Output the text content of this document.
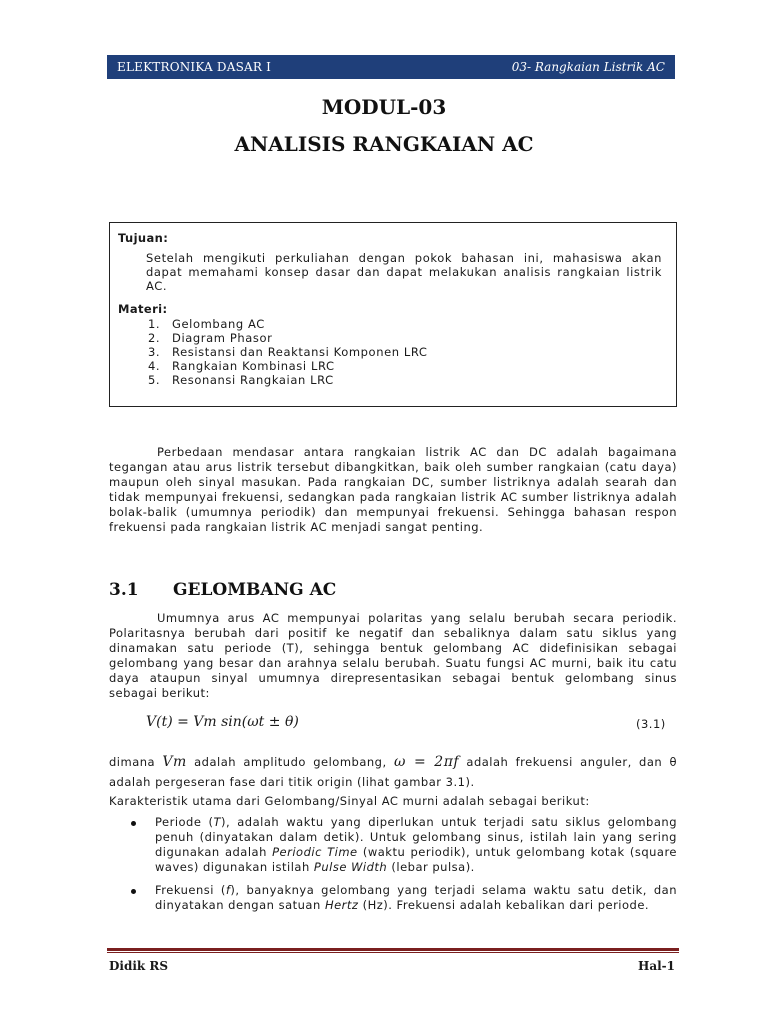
ELEKTRONIKA DASAR I	03- Rangkaian Listrik AC
MODUL-03
ANALISIS RANGKAIAN AC
Tujuan:
Setelah mengikuti perkuliahan dengan pokok bahasan ini, mahasiswa akan dapat memahami konsep dasar dan dapat melakukan analisis rangkaian listrik AC.
Materi:
1. Gelombang AC
2. Diagram Phasor
3. Resistansi dan Reaktansi Komponen LRC
4. Rangkaian Kombinasi LRC
5. Resonansi Rangkaian LRC

Perbedaan mendasar antara rangkaian listrik AC dan DC adalah bagaimana tegangan atau arus listrik tersebut dibangkitkan, baik oleh sumber rangkaian (catu daya) maupun oleh sinyal masukan. Pada rangkaian DC, sumber listriknya adalah searah dan tidak mempunyai frekuensi, sedangkan pada rangkaian listrik AC sumber listriknya adalah bolak-balik (umumnya periodik) dan mempunyai frekuensi. Sehingga bahasan respon frekuensi pada rangkaian listrik AC menjadi sangat penting.

3.1 GELOMBANG AC

Umumnya arus AC mempunyai polaritas yang selalu berubah secara periodik. Polaritasnya berubah dari positif ke negatif dan sebaliknya dalam satu siklus yang dinamakan satu periode (T), sehingga bentuk gelombang AC didefinisikan sebagai gelombang yang besar dan arahnya selalu berubah. Suatu fungsi AC murni, baik itu catu daya ataupun sinyal umumnya direpresentasikan sebagai bentuk gelombang sinus sebagai berikut:

V(t) = Vm sin(ωt ± θ)	(3.1)

dimana Vm adalah amplitudo gelombang, ω = 2πf adalah frekuensi anguler, dan θ adalah pergeseran fase dari titik origin (lihat gambar 3.1).

Karakteristik utama dari Gelombang/Sinyal AC murni adalah sebagai berikut:

Periode (T), adalah waktu yang diperlukan untuk terjadi satu siklus gelombang penuh (dinyatakan dalam detik). Untuk gelombang sinus, istilah lain yang sering digunakan adalah Periodic Time (waktu periodik), untuk gelombang kotak (square waves) digunakan istilah Pulse Width (lebar pulsa).
Frekuensi (f), banyaknya gelombang yang terjadi selama waktu satu detik, dan dinyatakan dengan satuan Hertz (Hz). Frekuensi adalah kebalikan dari periode.
Didik RS	Hal-1
